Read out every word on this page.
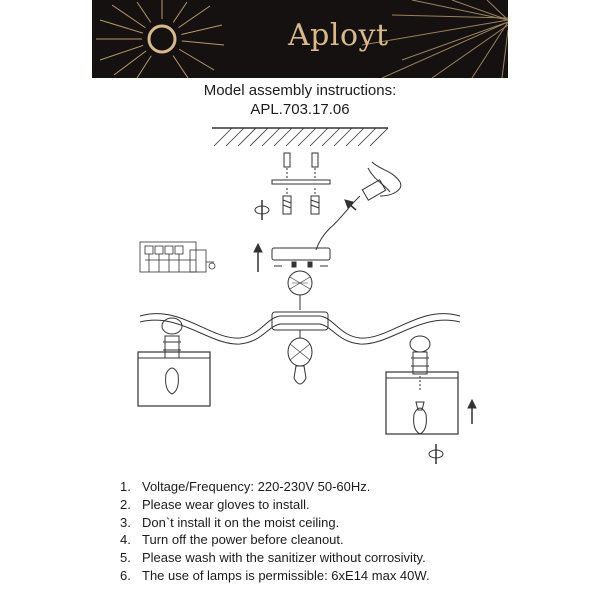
Aployt
Model assembly instructions:
APL.703.17.06
1. Voltage/Frequency: 220-230V 50-60Hz.
2. Please wear gloves to install.
3. Don`t install it on the moist ceiling.
4. Turn off the power before cleanout.
5. Please wash with the sanitizer without corrosivity.
6. The use of lamps is permissible: 6xE14 max 40W.
